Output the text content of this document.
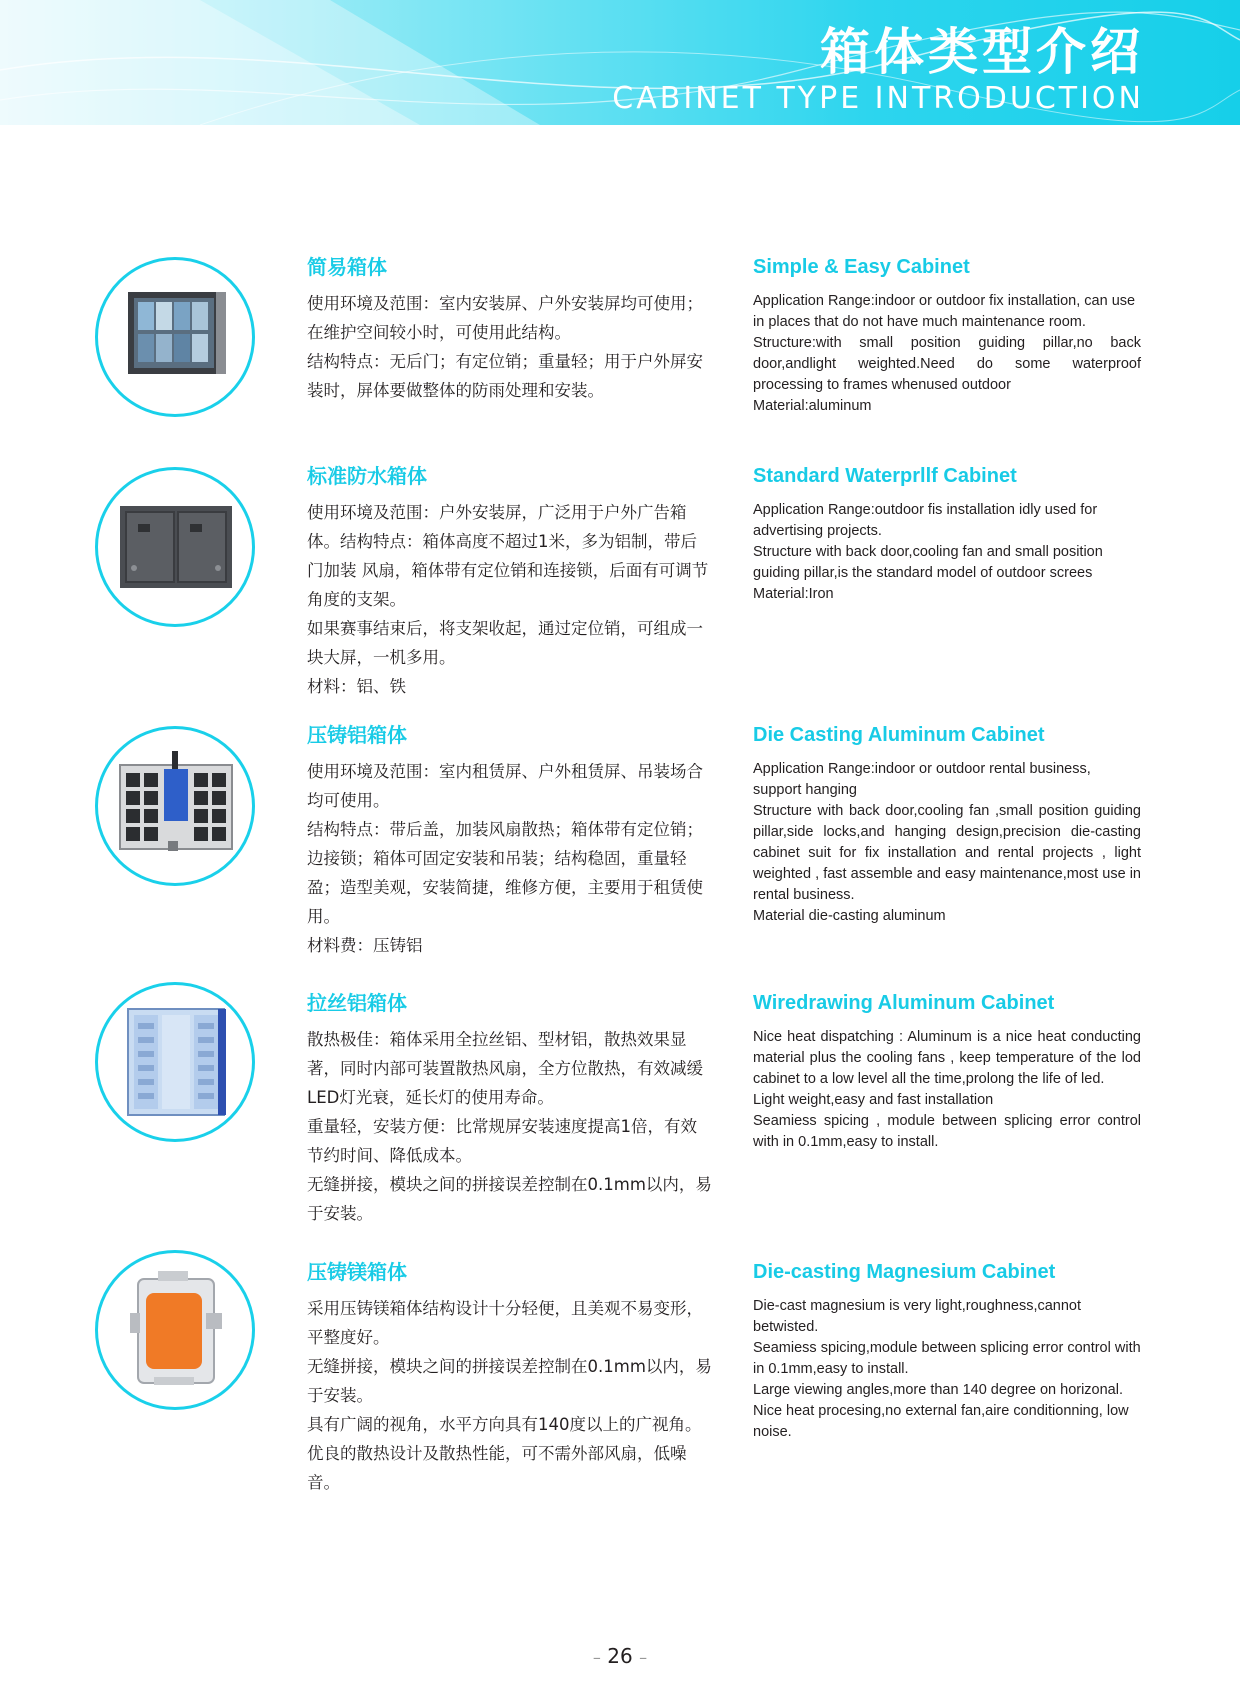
箱体类型介绍
CABINET TYPE INTRODUCTION
简易箱体

使用环境及范围：室内安装屏、户外安装屏均可使用；在维护空间较小时，可使用此结构。

结构特点：无后门；有定位销；重量轻；用于户外屏安装时，屏体要做整体的防雨处理和安装。

Simple & Easy Cabinet

Application Range:indoor or outdoor fix installation, can use in places that do not have much maintenance room.

Structure:with small position guiding pillar,no back door,andlight weighted.Need do some waterproof processing to frames whenused outdoor

Material:aluminum

标准防水箱体

使用环境及范围：户外安装屏，广泛用于户外广告箱体。结构特点：箱体高度不超过1米，多为铝制，带后门加装 风扇，箱体带有定位销和连接锁，后面有可调节角度的支架。

如果赛事结束后，将支架收起，通过定位销，可组成一块大屏，一机多用。

材料：铝、铁

Standard Waterprllf Cabinet

Application Range:outdoor fis installation idly used for advertising projects.

Structure with back door,cooling fan and small position guiding pillar,is the standard model of outdoor screes

Material:Iron

压铸铝箱体

使用环境及范围：室内租赁屏、户外租赁屏、吊装场合均可使用。

结构特点：带后盖，加装风扇散热；箱体带有定位销；边接锁；箱体可固定安装和吊装；结构稳固，重量轻盈；造型美观，安装简捷，维修方便，主要用于租赁使用。

材料费：压铸铝

Die Casting Aluminum Cabinet

Application Range:indoor or outdoor rental business, support hanging

Structure with back door,cooling fan ,small position guiding pillar,side locks,and hanging design,precision die-casting cabinet suit for fix installation and rental projects , light weighted , fast assemble and easy maintenance,most use in rental business.

Material die-casting aluminum

拉丝铝箱体

散热极佳：箱体采用全拉丝铝、型材铝，散热效果显著，同时内部可装置散热风扇，全方位散热，有效减缓LED灯光衰，延长灯的使用寿命。

重量轻，安装方便：比常规屏安装速度提高1倍，有效节约时间、降低成本。

无缝拼接，模块之间的拼接误差控制在0.1mm以内，易于安装。

Wiredrawing Aluminum Cabinet

Nice heat dispatching : Aluminum is a nice heat conducting material plus the cooling fans , keep temperature of the lod cabinet to a low level all the time,prolong the life of led.

Light weight,easy and fast installation

Seamiess spicing , module between splicing error control with in 0.1mm,easy to install.

压铸镁箱体

采用压铸镁箱体结构设计十分轻便，且美观不易变形，平整度好。

无缝拼接，模块之间的拼接误差控制在0.1mm以内，易于安装。

具有广阔的视角，水平方向具有140度以上的广视角。

优良的散热设计及散热性能，可不需外部风扇，低噪音。

Die-casting Magnesium Cabinet

Die-cast magnesium is very light,roughness,cannot betwisted.

Seamiess spicing,module between splicing error control with in 0.1mm,easy to install.

Large viewing angles,more than 140 degree on horizonal.

Nice heat procesing,no external fan,aire conditionning, low noise.

– 26 –
